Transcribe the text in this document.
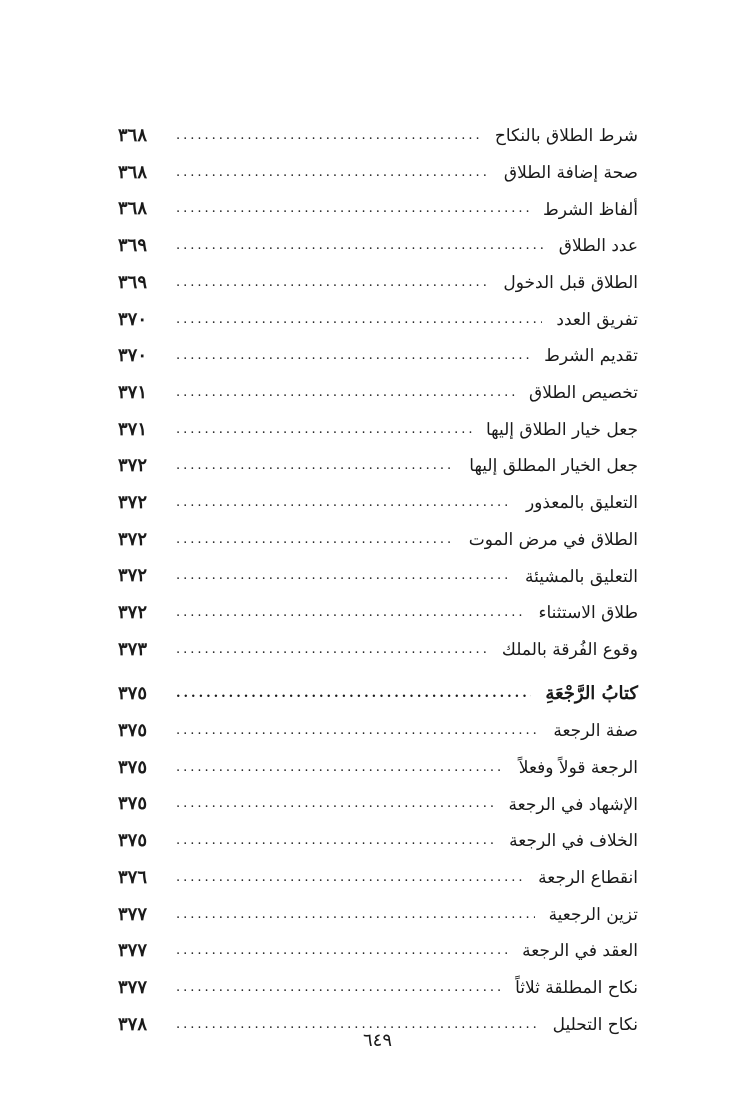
شرط الطلاق بالنكاح
.....
٣٦٨
صحة إضافة الطلاق
.....
٣٦٨
ألفاظ الشرط
.....
٣٦٨
عدد الطلاق
.....
٣٦٩
الطلاق قبل الدخول
.....
٣٦٩
تفريق العدد
.....
٣٧٠
تقديم الشرط
.....
٣٧٠
تخصيص الطلاق
.....
٣٧١
جعل خيار الطلاق إليها
.....
٣٧١
جعل الخيار المطلق إليها
.....
٣٧٢
التعليق بالمعذور
.....
٣٧٢
الطلاق في مرض الموت
.....
٣٧٢
التعليق بالمشيئة
.....
٣٧٢
طلاق الاستثناء
.....
٣٧٢
وقوع الفُرقة بالملك
.....
٣٧٣
كتابُ الرَّجْعَةِ
.....
٣٧٥
صفة الرجعة
.....
٣٧٥
الرجعة قولاً وفعلاً
.....
٣٧٥
الإشهاد في الرجعة
.....
٣٧٥
الخلاف في الرجعة
.....
٣٧٥
انقطاع الرجعة
.....
٣٧٦
تزين الرجعية
.....
٣٧٧
العقد في الرجعة
.....
٣٧٧
نكاح المطلقة ثلاثاً
.....
٣٧٧
نكاح التحليل
.....
٣٧٨
٦٤٩
